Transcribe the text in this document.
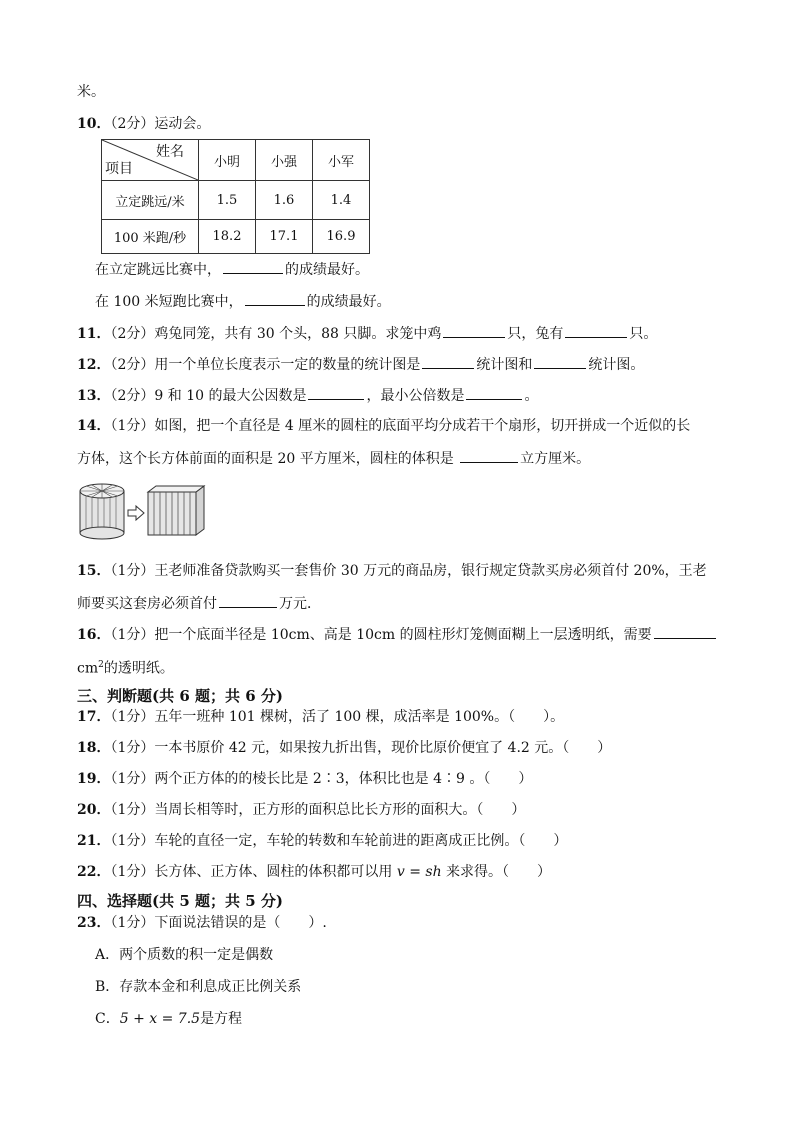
米。
10．（2分）运动会。
姓名
项目	小明	小强	小军
立定跳远/米	1.5	1.6	1.4
100 米跑/秒	18.2	17.1	16.9
在立定跳远比赛中，	的成绩最好。
在 100 米短跑比赛中，	的成绩最好。
11．（2分）鸡兔同笼，共有 30 个头，88 只脚。求笼中鸡	只，兔有	只。
12．（2分）用一个单位长度表示一定的数量的统计图是	统计图和	统计图。
13．（2分）9 和 10 的最大公因数是	，最小公倍数是	。
14．（1分）如图，把一个直径是 4 厘米的圆柱的底面平均分成若干个扇形，切开拼成一个近似的长
方体，这个长方体前面的面积是 20 平方厘米，圆柱的体积是	立方厘米。
15．（1分）王老师准备贷款购买一套售价 30 万元的商品房，银行规定贷款买房必须首付 20%，王老
师要买这套房必须首付	万元．
16．（1分）把一个底面半径是 10cm、高是 10cm 的圆柱形灯笼侧面糊上一层透明纸，需要
$cm^2$的透明纸。
三、判断题(共 6 题；共 6 分)
17．（1分）五年一班种 101 棵树，活了 100 棵，成活率是 100%。（　　）。
18．（1分）一本书原价 42 元，如果按九折出售，现价比原价便宜了 4.2 元。（　　）
19．（1分）两个正方体的的棱长比是 2∶3，体积比也是 4∶9 。（　　）
20．（1分）当周长相等时，正方形的面积总比长方形的面积大。（　　）
21．（1分）车轮的直径一定，车轮的转数和车轮前进的距离成正比例。（　　）
22．（1分）长方体、正方体、圆柱的体积都可以用 v = sh 来求得。（　　）
四、选择题(共 5 题；共 5 分)
23．（1分）下面说法错误的是（　　）.
A．两个质数的积一定是偶数
B．存款本金和利息成正比例关系
C．5 + x = 7.5是方程
